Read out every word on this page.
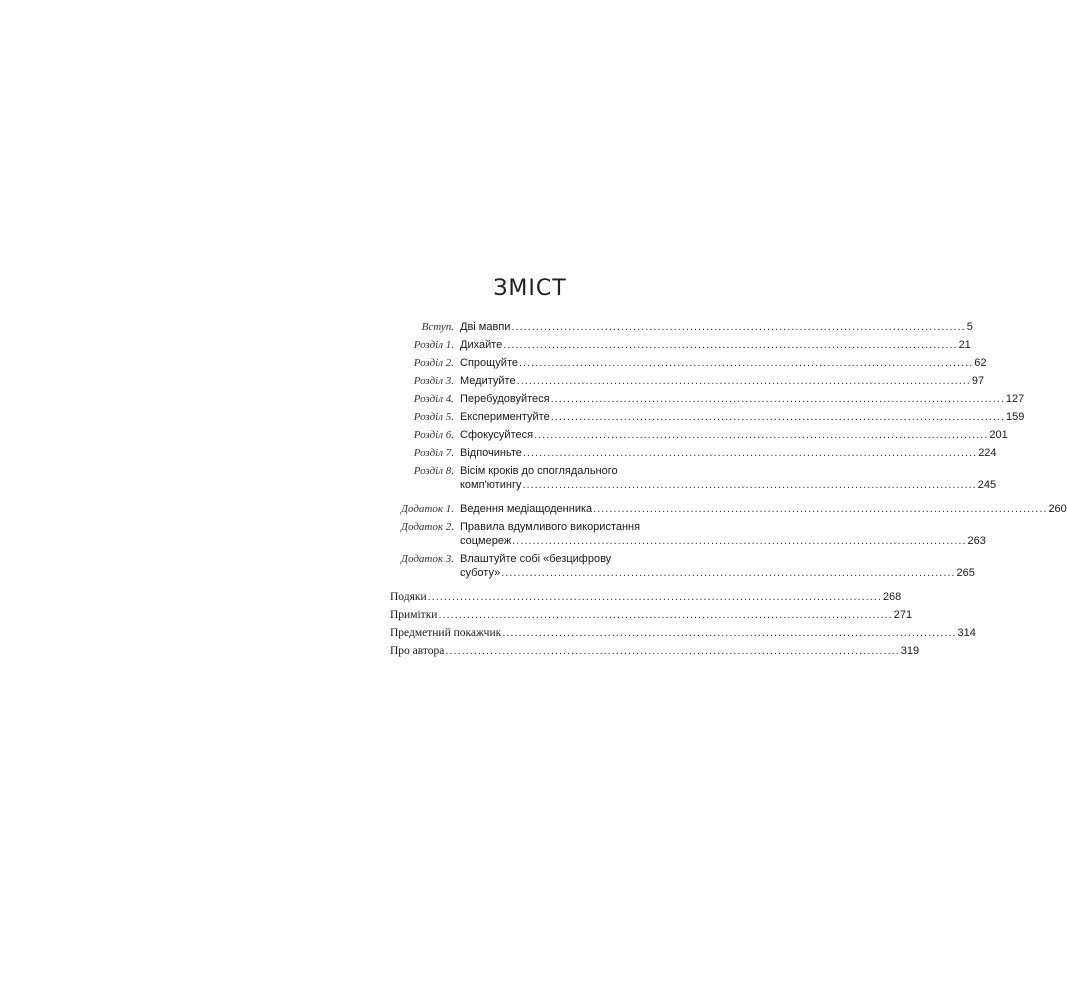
ЗМІСТ
Вступ. Дві мавпи .....	5
Розділ 1. Дихайте .....	21
Розділ 2. Спрощуйте .....	62
Розділ 3. Медитуйте .....	97
Розділ 4. Перебудовуйтеся .....	127
Розділ 5. Експериментуйте .....	159
Розділ 6. Сфокусуйтеся .....	201
Розділ 7. Відпочиньте .....	224
Розділ 8. Вісім кроків до споглядального
комп'ютингу .....	245
Додаток 1. Ведення медіащоденника .....	260
Додаток 2. Правила вдумливого використання
соцмереж .....	263
Додаток 3. Влаштуйте собі «безцифрову
суботу» .....	265
Подяки .....	268
Примітки .....	271
Предметний покажчик .....	314
Про автора .....	319
